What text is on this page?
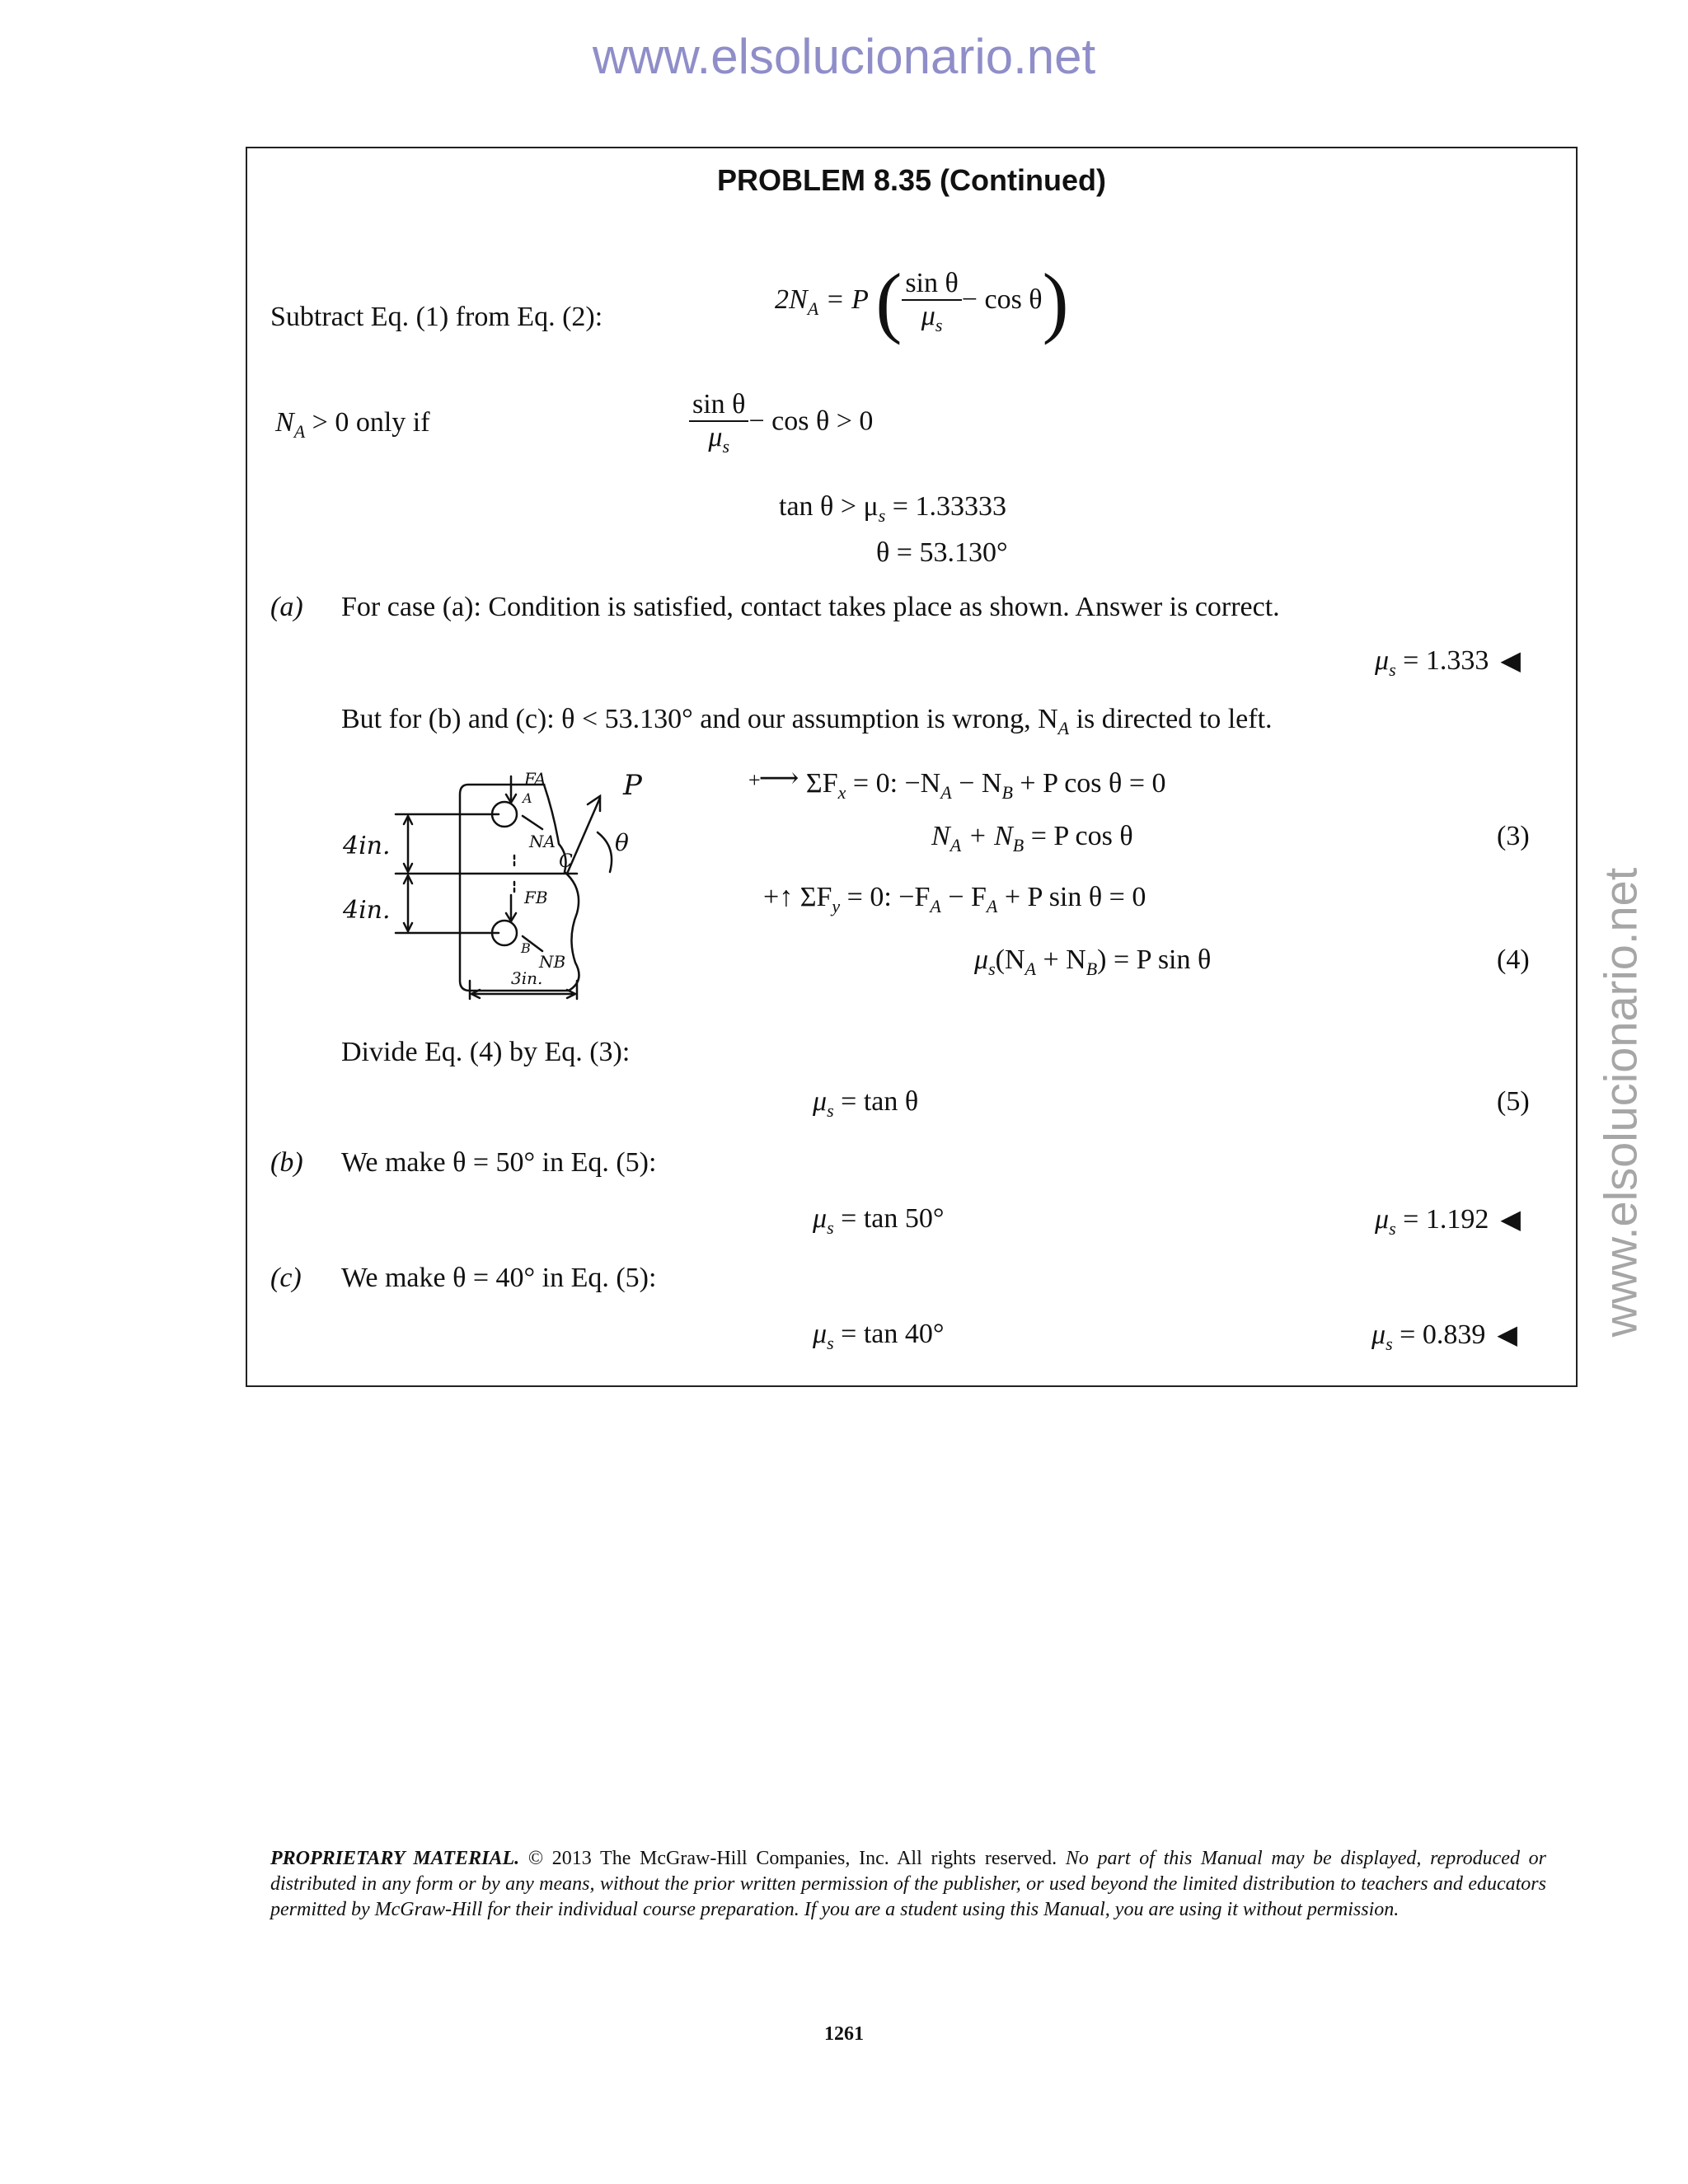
www.elsolucionario.net
www.elsolucionario.net
PROBLEM 8.35 (Continued)
Subtract Eq. (1) from Eq. (2):
$2N_A = P$ ( $\frac{\text{sin θ}}{\mu_s} - \cos \theta$)
$N_A > 0$ only if	$\frac{\text{sin θ}}{\mu_s} - \cos \theta > 0$
$\tan \theta > \mu_s = 1.33333$
θ = 53.130°
(a) For case (a): Condition is satisfied, contact takes place as shown. Answer is correct.
$\mu_s = 1.333$ ◀
But for (b) and (c): θ < 53.130° and our assumption is wrong, $N_A$ is directed to left.
4in.
4in.
FA
A
NA
C
FB
B
NB
3in.
P
θ
+⟶ $\Sigma F_x = 0$: $-N_A - N_B + P$ cos θ = 0
$N_A + N_B = P$ cos θ	(3)
+↑ $\Sigma F_y = 0$: $-F_A - F_A + P$ sin θ = 0
$\mu_s(N_A + N_B) = P$ sin θ	(4)
Divide Eq. (4) by Eq. (3):
$\mu_s = \tan \theta$	(5)
(b) We make θ = 50° in Eq. (5):
$\mu_s = \tan 50^\circ$	$\mu_s = 1.192$ ◀
(c) We make θ = 40° in Eq. (5):
$\mu_s = \tan 40^\circ$	$\mu_s = 0.839$ ◀
PROPRIETARY MATERIAL. © 2013 The McGraw-Hill Companies, Inc. All rights reserved. No part of this Manual may be displayed, reproduced or distributed in any form or by any means, without the prior written permission of the publisher, or used beyond the limited distribution to teachers and educators permitted by McGraw-Hill for their individual course preparation. If you are a student using this Manual, you are using it without permission.
1261
